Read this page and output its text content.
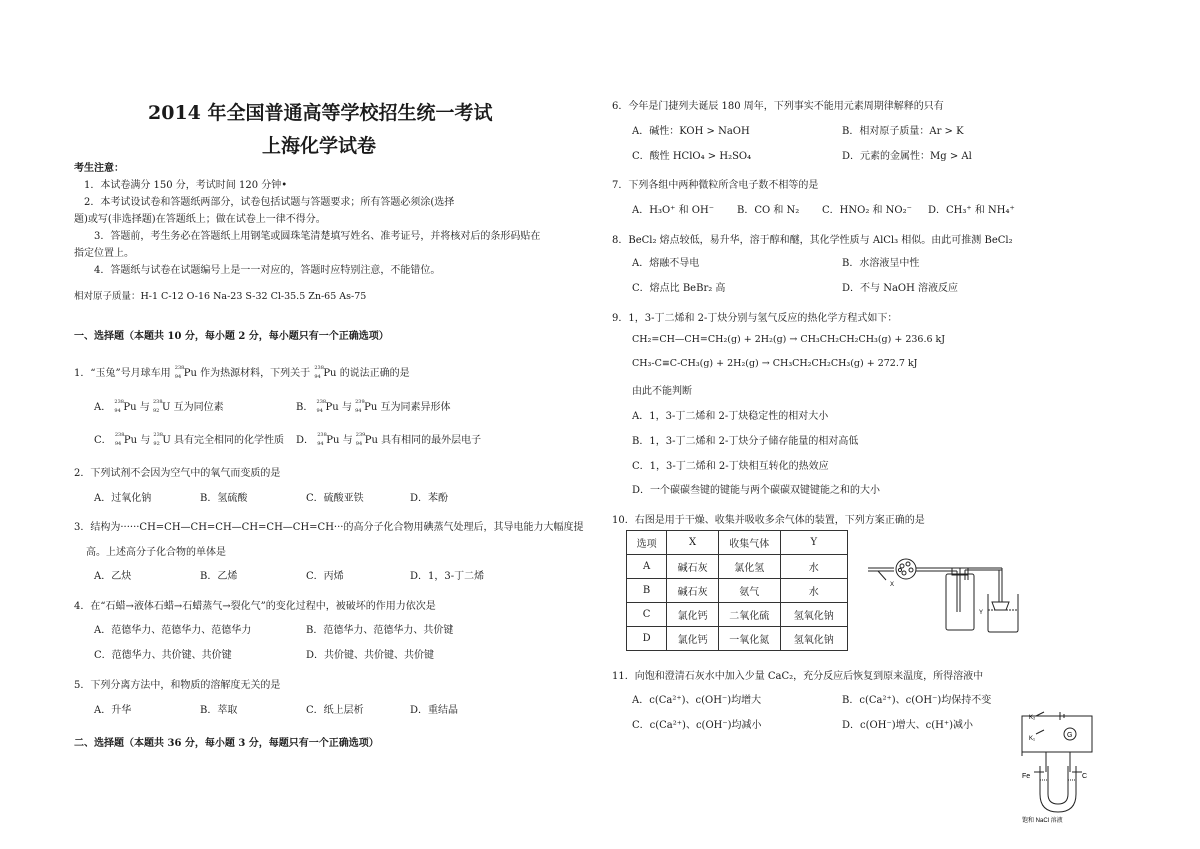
2014 年全国普通高等学校招生统一考试
上海化学试卷
考生注意：
1．本试卷满分 150 分，考试时间 120 分钟•
2．本考试设试卷和答题纸两部分，试卷包括试题与答题要求；所有答题必须涂(选择
题)或写(非选择题)在答题纸上；做在试卷上一律不得分。
3．答题前，考生务必在答题纸上用钢笔或圆珠笔清楚填写姓名、准考证号，并将核对后的条形码贴在
指定位置上。
4．答题纸与试卷在试题编号上是一一对应的，答题时应特别注意，不能错位。
相对原子质量：H-1 C-12 O-16 Na-23 S-32 Cl-35.5 Zn-65 As-75
一、选择题（本题共 10 分，每小题 2 分，每小题只有一个正确选项）
1．“玉兔”号月球车用 238
94 Pu 作为热源材料，下列关于 238
94 Pu 的说法正确的是
A． 238
94 Pu 与 238
92 U 互为同位素	B． 238
94 Pu 与 239
94 Pu 互为同素异形体
C． 238
94 Pu 与 238
92 U 具有完全相同的化学性质 D． 238
94 Pu 与 239
94 Pu 具有相同的最外层电子
2．下列试剂不会因为空气中的氧气而变质的是
A．过氧化钠	B．氢硫酸	C．硫酸亚铁	D．苯酚
3．结构为······CH=CH—CH=CH—CH=CH—CH=CH···的高分子化合物用碘蒸气处理后，其导电能力大幅度提
高。上述高分子化合物的单体是
A．乙炔	B．乙烯	C．丙烯	D．1，3-丁二烯
4．在“石蜡→液体石蜡→石蜡蒸气→裂化气”的变化过程中，被破坏的作用力依次是
A．范德华力、范德华力、范德华力	B．范德华力、范德华力、共价键
C．范德华力、共价键、共价键	D．共价键、共价键、共价键
5．下列分离方法中，和物质的溶解度无关的是
A．升华	B．萃取	C．纸上层析	D．重结晶
二、选择题（本题共 36 分，每小题 3 分，每题只有一个正确选项）
6．今年是门捷列夫诞辰 180 周年，下列事实不能用元素周期律解释的只有
A．碱性：KOH > NaOH	B．相对原子质量：Ar > K
C．酸性 HClO₄ > H₂SO₄	D．元素的金属性：Mg > Al
7．下列各组中两种微粒所含电子数不相等的是
A．H₃O⁺ 和 OH⁻ B．CO 和 N₂ C．HNO₂ 和 NO₂⁻ D．CH₃⁺ 和 NH₄⁺
8．BeCl₂ 熔点较低，易升华，溶于醇和醚，其化学性质与 AlCl₃ 相似。由此可推测 BeCl₂
A．熔融不导电	B．水溶液呈中性
C．熔点比 BeBr₂ 高	D．不与 NaOH 溶液反应
9．1，3-丁二烯和 2-丁炔分别与氢气反应的热化学方程式如下：
CH₂=CH—CH=CH₂(g) + 2H₂(g) → CH₃CH₂CH₂CH₃(g) + 236.6 kJ
CH₃-C≡C-CH₃(g) + 2H₂(g) → CH₃CH₂CH₂CH₃(g) + 272.7 kJ
由此不能判断
A．1，3-丁二烯和 2-丁炔稳定性的相对大小
B．1，3-丁二烯和 2-丁炔分子储存能量的相对高低
C．1，3-丁二烯和 2-丁炔相互转化的热效应
D．一个碳碳叁键的键能与两个碳碳双键键能之和的大小
10．右图是用于干燥、收集并吸收多余气体的装置，下列方案正确的是
选项	X	收集气体	Y
A	碱石灰	氯化氢	水
B	碱石灰	氨气	水
C	氯化钙	二氧化硫	氢氧化钠
D	氯化钙	一氧化氮	氢氧化钠
X
Y
11．向饱和澄清石灰水中加入少量 CaC₂，充分反应后恢复到原来温度，所得溶液中
A．c(Ca²⁺)、c(OH⁻)均增大	B．c(Ca²⁺)、c(OH⁻)均保持不变
C．c(Ca²⁺)、c(OH⁻)均减小	D．c(OH⁻)增大、c(H⁺)减小
K₂
K₁	G
Fe	C
饱和 NaCl 溶液
